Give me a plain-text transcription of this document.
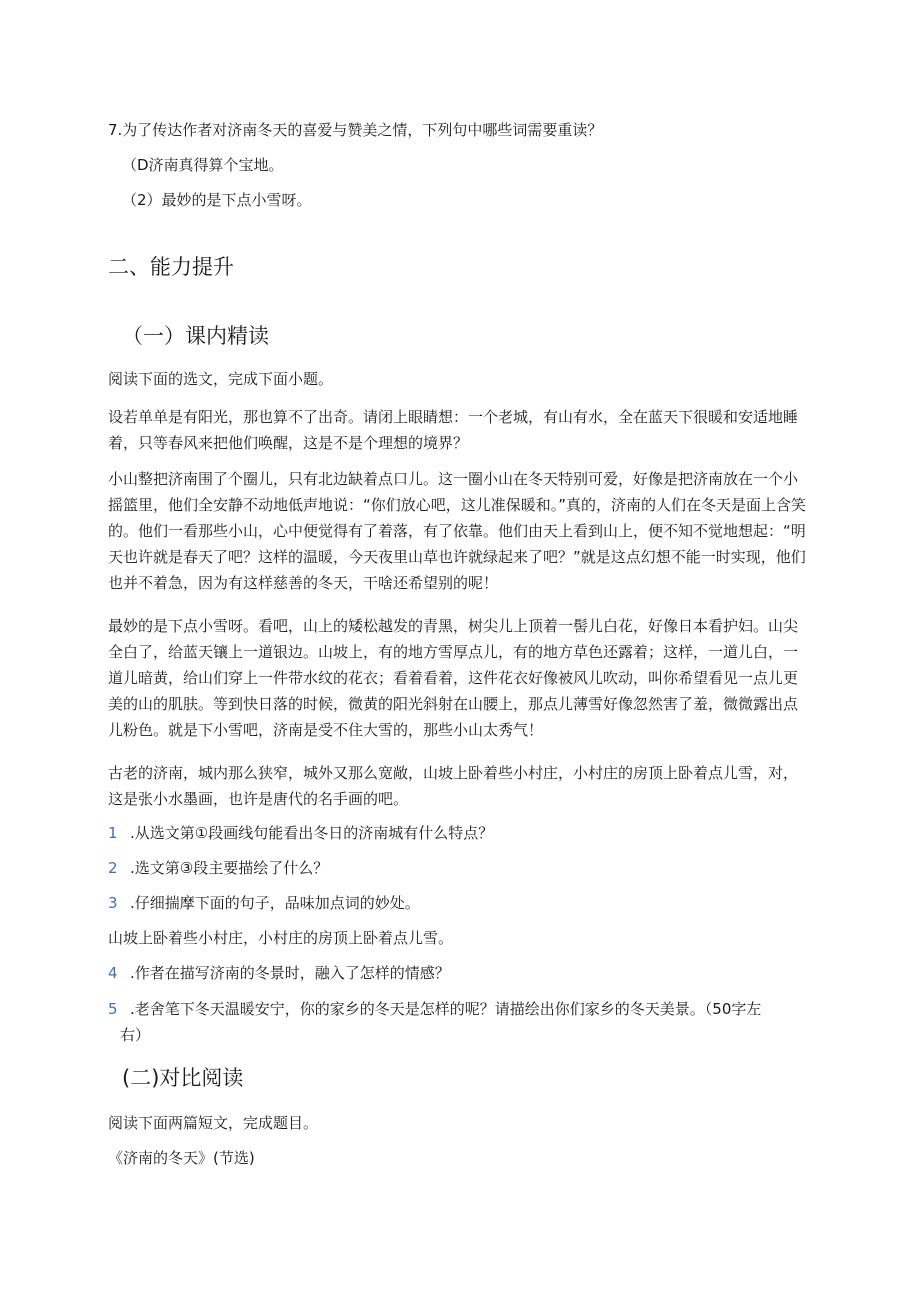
7.为了传达作者对济南冬天的喜爱与赞美之情，下列句中哪些词需要重读？

（D济南真得算个宝地。

（2）最妙的是下点小雪呀。

二、能力提升
（一）课内精读

阅读下面的选文，完成下面小题。

设若单单是有阳光，那也算不了出奇。请闭上眼睛想：一个老城，有山有水，全在蓝天下很暖和安适地睡着，只等春风来把他们唤醒，这是不是个理想的境界？

小山整把济南围了个圈儿，只有北边缺着点口儿。这一圈小山在冬天特别可爱，好像是把济南放在一个小摇篮里，他们全安静不动地低声地说：“你们放心吧，这儿准保暖和。”真的，济南的人们在冬天是面上含笑的。他们一看那些小山，心中便觉得有了着落，有了依靠。他们由天上看到山上，便不知不觉地想起：“明天也许就是春天了吧？这样的温暖，今天夜里山草也许就绿起来了吧？”就是这点幻想不能一时实现，他们也并不着急，因为有这样慈善的冬天，干啥还希望别的呢！

最妙的是下点小雪呀。看吧，山上的矮松越发的青黑，树尖儿上顶着一髻儿白花，好像日本看护妇。山尖全白了，给蓝天镶上一道银边。山坡上，有的地方雪厚点儿，有的地方草色还露着；这样，一道儿白，一道儿暗黄，给山们穿上一件带水纹的花衣；看着看着，这件花衣好像被风儿吹动，叫你希望看见一点儿更美的山的肌肤。等到快日落的时候，微黄的阳光斜射在山腰上，那点儿薄雪好像忽然害了羞，微微露出点儿粉色。就是下小雪吧，济南是受不住大雪的，那些小山太秀气！

古老的济南，城内那么狭窄，城外又那么宽敞，山坡上卧着些小村庄，小村庄的房顶上卧着点儿雪，对，这是张小水墨画，也许是唐代的名手画的吧。

1 .从选文第①段画线句能看出冬日的济南城有什么特点？
2 .选文第③段主要描绘了什么？
3 .仔细揣摩下面的句子，品味加点词的妙处。

山坡上卧着些小村庄，小村庄的房顶上卧着点儿雪。

4 .作者在描写济南的冬景时，融入了怎样的情感？
5 .老舍笔下冬天温暖安宁，你的家乡的冬天是怎样的呢？请描绘出你们家乡的冬天美景。（50字左
右）
(二)对比阅读

阅读下面两篇短文，完成题目。

《济南的冬天》(节选)
